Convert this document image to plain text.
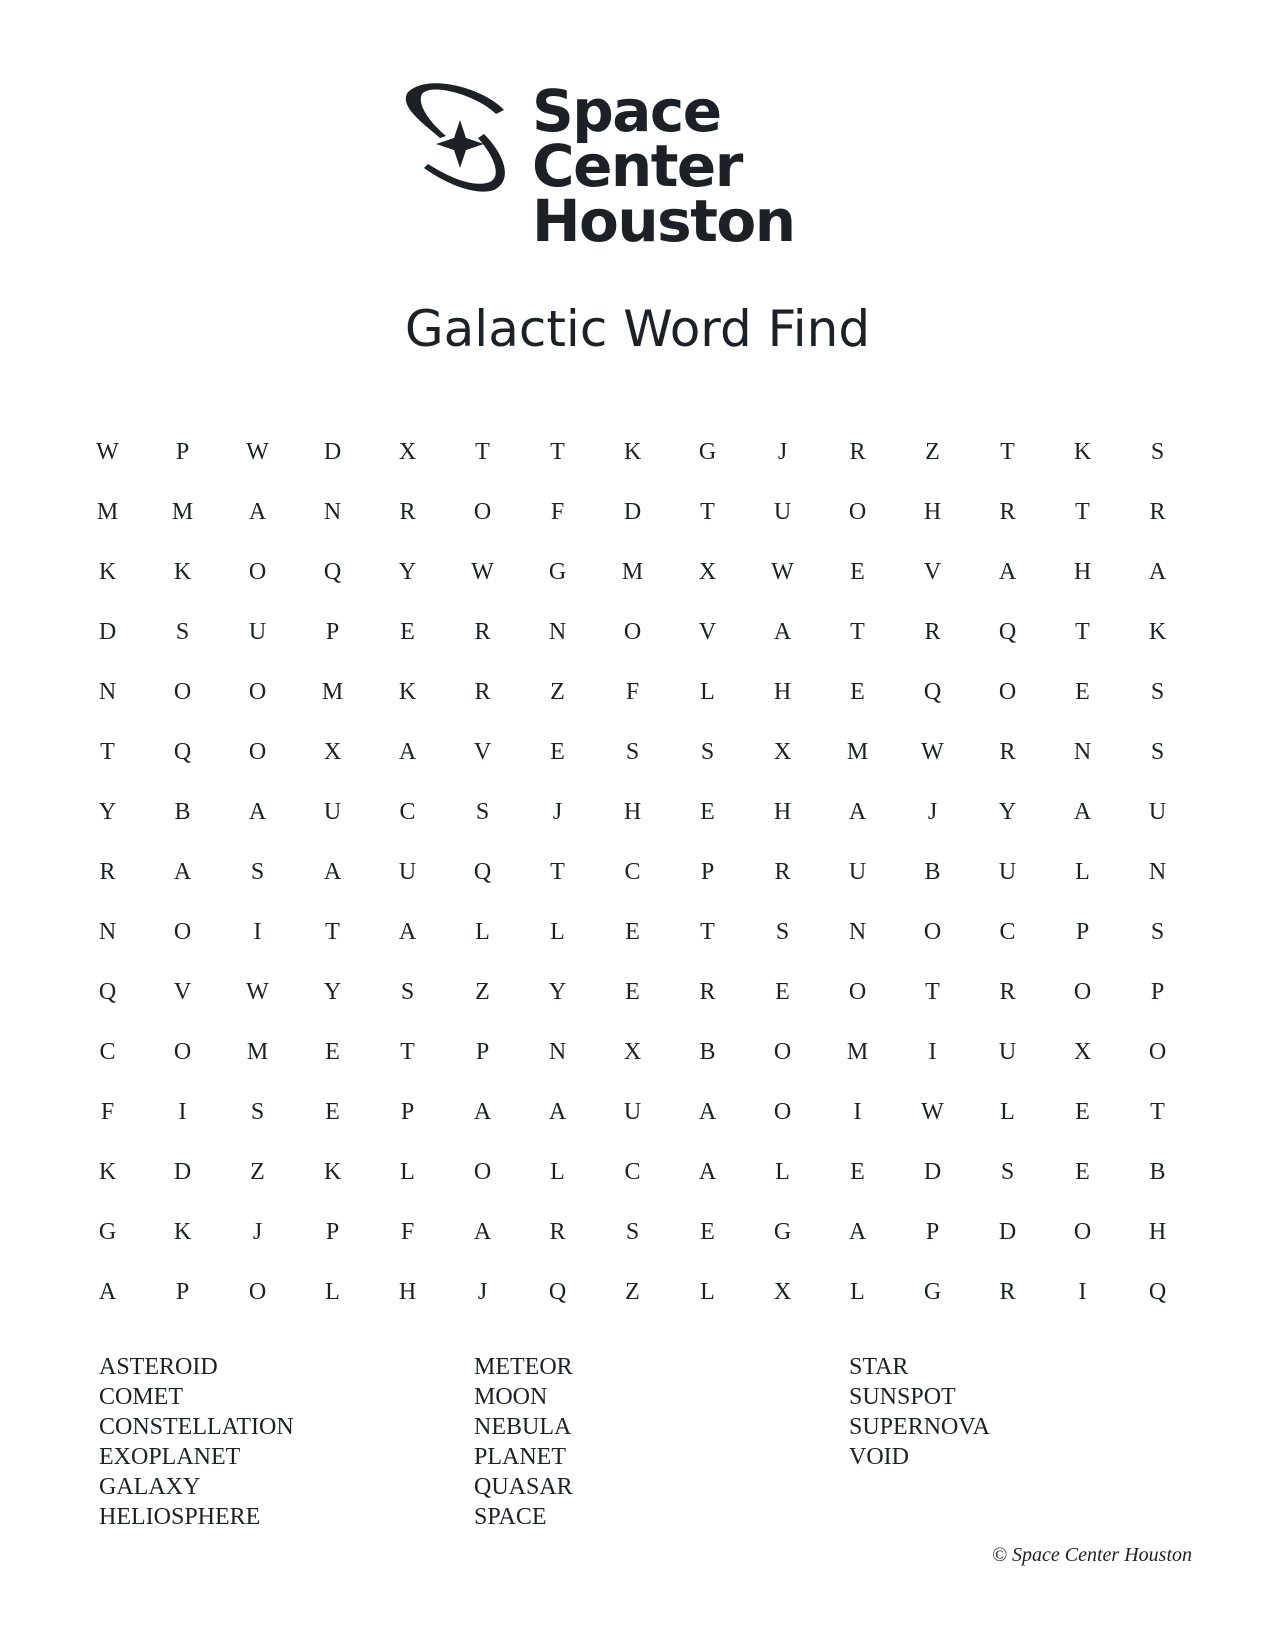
Space
Center
Houston
Galactic Word Find
W	P	W	D	X	T	T	K	G	J	R	Z	T	K	S
M	M	A	N	R	O	F	D	T	U	O	H	R	T	R
K	K	O	Q	Y	W	G	M	X	W	E	V	A	H	A
D	S	U	P	E	R	N	O	V	A	T	R	Q	T	K
N	O	O	M	K	R	Z	F	L	H	E	Q	O	E	S
T	Q	O	X	A	V	E	S	S	X	M	W	R	N	S
Y	B	A	U	C	S	J	H	E	H	A	J	Y	A	U
R	A	S	A	U	Q	T	C	P	R	U	B	U	L	N
N	O	I	T	A	L	L	E	T	S	N	O	C	P	S
Q	V	W	Y	S	Z	Y	E	R	E	O	T	R	O	P
C	O	M	E	T	P	N	X	B	O	M	I	U	X	O
F	I	S	E	P	A	A	U	A	O	I	W	L	E	T
K	D	Z	K	L	O	L	C	A	L	E	D	S	E	B
G	K	J	P	F	A	R	S	E	G	A	P	D	O	H
A	P	O	L	H	J	Q	Z	L	X	L	G	R	I	Q
ASTEROID
COMET
CONSTELLATION
EXOPLANET
GALAXY
HELIOSPHERE
METEOR
MOON
NEBULA
PLANET
QUASAR
SPACE
STAR
SUNSPOT
SUPERNOVA
VOID
© Space Center Houston
